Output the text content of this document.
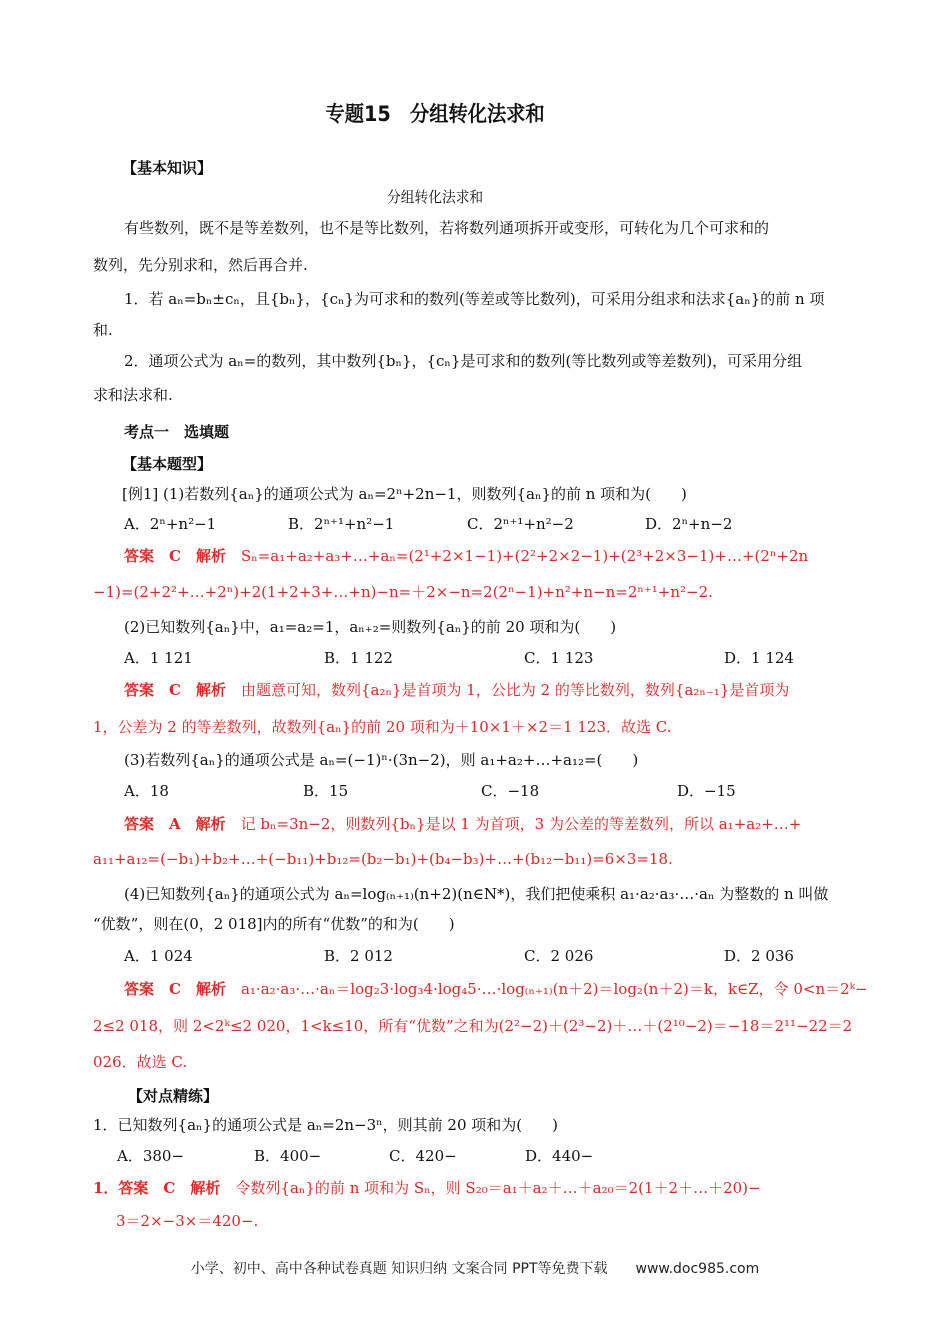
专题15　分组转化法求和
【基本知识】
分组转化法求和
有些数列，既不是等差数列，也不是等比数列，若将数列通项拆开或变形，可转化为几个可求和的
数列，先分别求和，然后再合并.
1．若 aₙ=bₙ±cₙ，且{bₙ}，{cₙ}为可求和的数列(等差或等比数列)，可采用分组求和法求{aₙ}的前 n 项
和.
2．通项公式为 aₙ=的数列，其中数列{bₙ}，{cₙ}是可求和的数列(等比数列或等差数列)，可采用分组
求和法求和.
考点一　选填题
【基本题型】
[例1] (1)若数列{aₙ}的通项公式为 aₙ=2ⁿ+2n−1，则数列{aₙ}的前 n 项和为(　　)
A．2ⁿ+n²−1	B．2ⁿ⁺¹+n²−1	C．2ⁿ⁺¹+n²−2	D．2ⁿ+n−2
答案　C　解析　 Sₙ=a₁+a₂+a₃+…+aₙ=(2¹+2×1−1)+(2²+2×2−1)+(2³+2×3−1)+…+(2ⁿ+2n
−1)=(2+2²+…+2ⁿ)+2(1+2+3+…+n)−n=＋2×−n=2(2ⁿ−1)+n²+n−n=2ⁿ⁺¹+n²−2.
(2)已知数列{aₙ}中，a₁=a₂=1，aₙ₊₂=则数列{aₙ}的前 20 项和为(　　)
A．1 121	B．1 122	C．1 123	D．1 124
答案　C　解析　 由题意可知，数列{a₂ₙ}是首项为 1，公比为 2 的等比数列，数列{a₂ₙ₋₁}是首项为
1，公差为 2 的等差数列，故数列{aₙ}的前 20 项和为＋10×1＋×2＝1 123．故选 C.
(3)若数列{aₙ}的通项公式是 aₙ=(−1)ⁿ·(3n−2)，则 a₁+a₂+…+a₁₂=(　　)
A．18	B．15	C．−18	D．−15
答案　A　解析　 记 bₙ=3n−2，则数列{bₙ}是以 1 为首项，3 为公差的等差数列，所以 a₁+a₂+…+
a₁₁+a₁₂=(−b₁)+b₂+…+(−b₁₁)+b₁₂=(b₂−b₁)+(b₄−b₃)+…+(b₁₂−b₁₁)=6×3=18.
(4)已知数列{aₙ}的通项公式为 aₙ=log₍ₙ₊₁₎(n+2)(n∈N*)，我们把使乘积 a₁·a₂·a₃·…·aₙ 为整数的 n 叫做
“优数”，则在(0，2 018]内的所有“优数”的和为(　　)
A．1 024	B．2 012	C．2 026	D．2 036
答案　C　解析　 a₁·a₂·a₃·…·aₙ＝log₂3·log₃4·log₄5·…·log₍ₙ₊₁₎(n＋2)＝log₂(n＋2)＝k，k∈Z，令 0<n＝2ᵏ−
2≤2 018，则 2<2ᵏ≤2 020，1<k≤10，所有“优数”之和为(2²−2)＋(2³−2)＋…＋(2¹⁰−2)＝−18＝2¹¹−22＝2
026．故选 C.
【对点精练】
1．已知数列{aₙ}的通项公式是 aₙ=2n−3ⁿ，则其前 20 项和为(　　)
A．380−	B．400−	C．420−	D．440−
1．答案　C　解析　 令数列{aₙ}的前 n 项和为 Sₙ，则 S₂₀＝a₁＋a₂＋…＋a₂₀＝2(1＋2＋…＋20)−
3＝2×−3×＝420−.
小学、初中、高中各种试卷真题 知识归纳 文案合同 PPT等免费下载　　www.doc985.com
